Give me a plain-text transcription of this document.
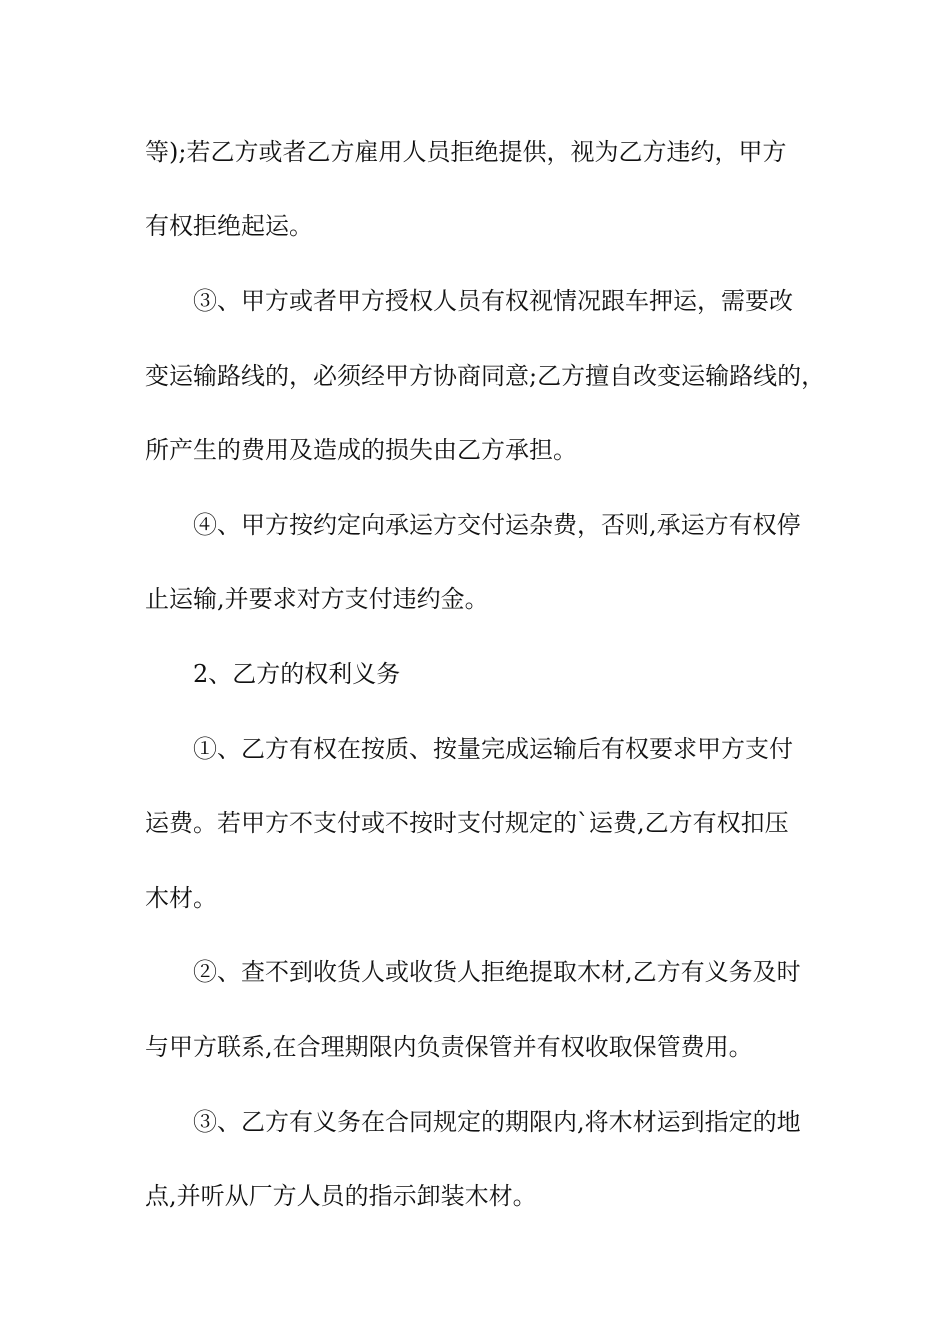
等);若乙方或者乙方雇用人员拒绝提供，视为乙方违约，甲方
有权拒绝起运。
③、甲方或者甲方授权人员有权视情况跟车押运，需要改
变运输路线的，必须经甲方协商同意;乙方擅自改变运输路线的，
所产生的费用及造成的损失由乙方承担。
④、甲方按约定向承运方交付运杂费，否则,承运方有权停
止运输,并要求对方支付违约金。
2、乙方的权利义务
①、乙方有权在按质、按量完成运输后有权要求甲方支付
运费。若甲方不支付或不按时支付规定的`运费,乙方有权扣压
木材。
②、查不到收货人或收货人拒绝提取木材,乙方有义务及时
与甲方联系,在合理期限内负责保管并有权收取保管费用。
③、乙方有义务在合同规定的期限内,将木材运到指定的地
点,并听从厂方人员的指示卸装木材。
